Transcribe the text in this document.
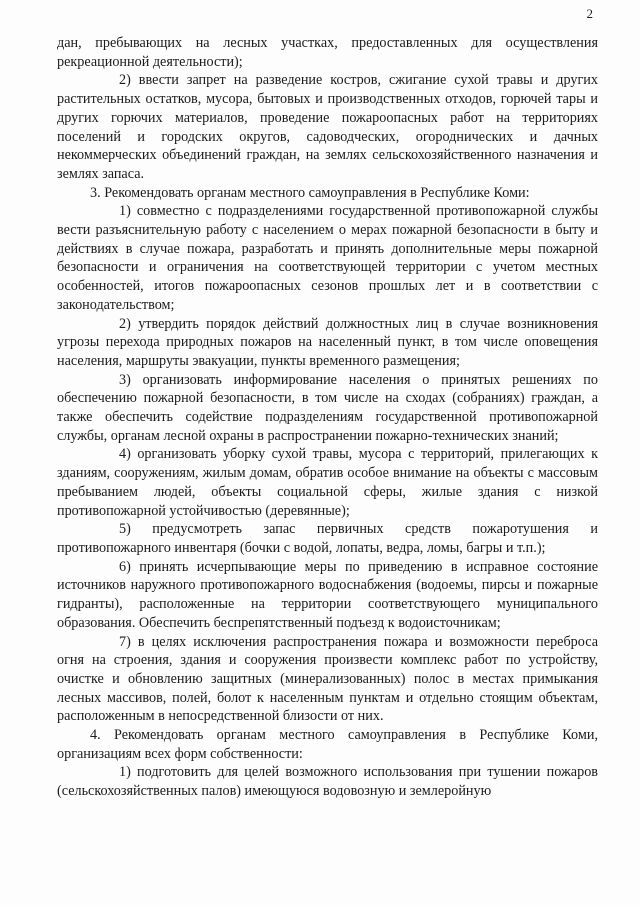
2

дан, пребывающих на лесных участках, предоставленных для осуществления рекреационной деятельности);

2) ввести запрет на разведение костров, сжигание сухой травы и других растительных остатков, мусора, бытовых и производственных отходов, горючей тары и других горючих материалов, проведение пожароопасных работ на территориях поселений и городских округов, садоводческих, огороднических и дачных некоммерческих объединений граждан, на землях сельскохозяйственного назначения и землях запаса.

3. Рекомендовать органам местного самоуправления в Республике Коми:

1) совместно с подразделениями государственной противопожарной службы вести разъяснительную работу с населением о мерах пожарной безопасности в быту и действиях в случае пожара, разработать и принять дополнительные меры пожарной безопасности и ограничения на соответствующей территории с учетом местных особенностей, итогов пожароопасных сезонов прошлых лет и в соответствии с законодательством;

2) утвердить порядок действий должностных лиц в случае возникновения угрозы перехода природных пожаров на населенный пункт, в том числе оповещения населения, маршруты эвакуации, пункты временного размещения;

3) организовать информирование населения о принятых решениях по обеспечению пожарной безопасности, в том числе на сходах (собраниях) граждан, а также обеспечить содействие подразделениям государственной противопожарной службы, органам лесной охраны в распространении пожарно-технических знаний;

4) организовать уборку сухой травы, мусора с территорий, прилегающих к зданиям, сооружениям, жилым домам, обратив особое внимание на объекты с массовым пребыванием людей, объекты социальной сферы, жилые здания с низкой противопожарной устойчивостью (деревянные);

5) предусмотреть запас первичных средств пожаротушения и противопожарного инвентаря (бочки с водой, лопаты, ведра, ломы, багры и т.п.);

6) принять исчерпывающие меры по приведению в исправное состояние источников наружного противопожарного водоснабжения (водоемы, пирсы и пожарные гидранты), расположенные на территории соответствующего муниципального образования. Обеспечить беспрепятственный подъезд к водоисточникам;

7) в целях исключения распространения пожара и возможности переброса огня на строения, здания и сооружения произвести комплекс работ по устройству, очистке и обновлению защитных (минерализованных) полос в местах примыкания лесных массивов, полей, болот к населенным пунктам и отдельно стоящим объектам, расположенным в непосредственной близости от них.

4. Рекомендовать органам местного самоуправления в Республике Коми, организациям всех форм собственности:

1) подготовить для целей возможного использования при тушении пожаров (сельскохозяйственных палов) имеющуюся водовозную и землеройную
